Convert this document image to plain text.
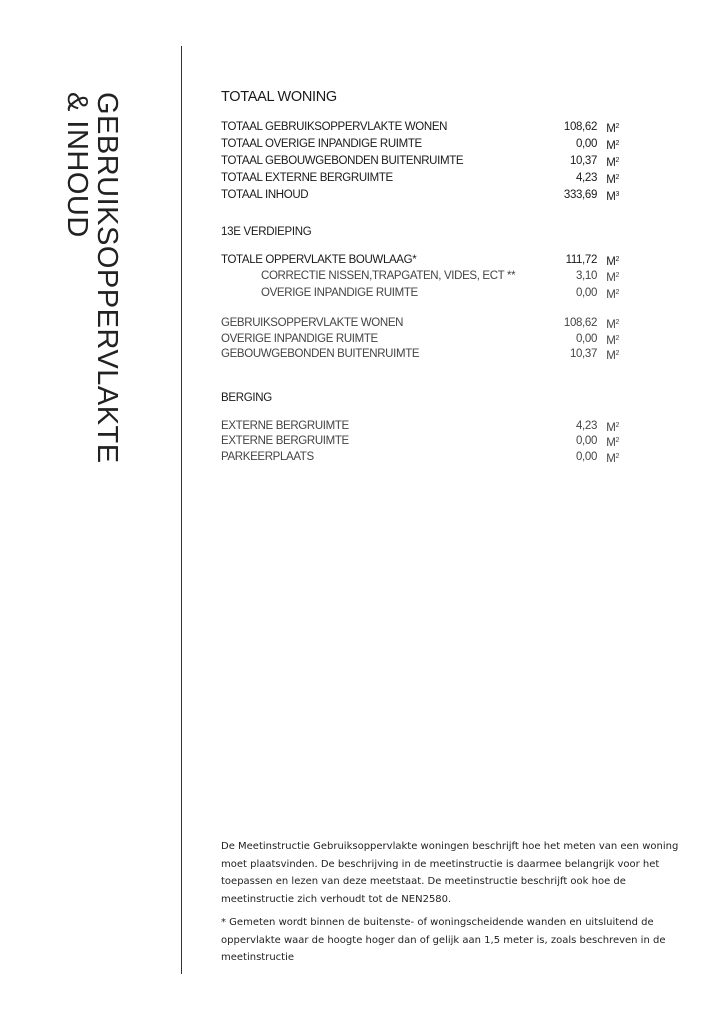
GEBRUIKSOPPERVLAKTE
& INHOUD	TOTAAL WONING
TOTAAL GEBRUIKSOPPERVLAKTE WONEN	108,62 $M^2$
TOTAAL OVERIGE INPANDIGE RUIMTE	0,00 $M^2$
TOTAAL GEBOUWGEBONDEN BUITENRUIMTE	10,37 $M^2$
TOTAAL EXTERNE BERGRUIMTE	4,23 $M^2$
TOTAAL INHOUD	333,69 $M^3$
13E VERDIEPING
TOTALE OPPERVLAKTE BOUWLAAG*	111,72 $M^2$
CORRECTIE NISSEN,TRAPGATEN, VIDES, ECT **	3,10 $M^2$
OVERIGE INPANDIGE RUIMTE	0,00 $M^2$
GEBRUIKSOPPERVLAKTE WONEN	108,62 $M^2$
OVERIGE INPANDIGE RUIMTE	0,00 $M^2$
GEBOUWGEBONDEN BUITENRUIMTE	10,37 $M^2$
BERGING
EXTERNE BERGRUIMTE	4,23 $M^2$
EXTERNE BERGRUIMTE	0,00 $M^2$
PARKEERPLAATS	0,00 $M^2$

De Meetinstructie Gebruiksoppervlakte woningen beschrijft hoe het meten van een woning moet plaatsvinden. De beschrijving in de meetinstructie is daarmee belangrijk voor het toepassen en lezen van deze meetstaat. De meetinstructie beschrijft ook hoe de meetinstructie zich verhoudt tot de NEN2580.

* Gemeten wordt binnen de buitenste- of woningscheidende wanden en uitsluitend de oppervlakte waar de hoogte hoger dan of gelijk aan 1,5 meter is, zoals beschreven in de meetinstructie
